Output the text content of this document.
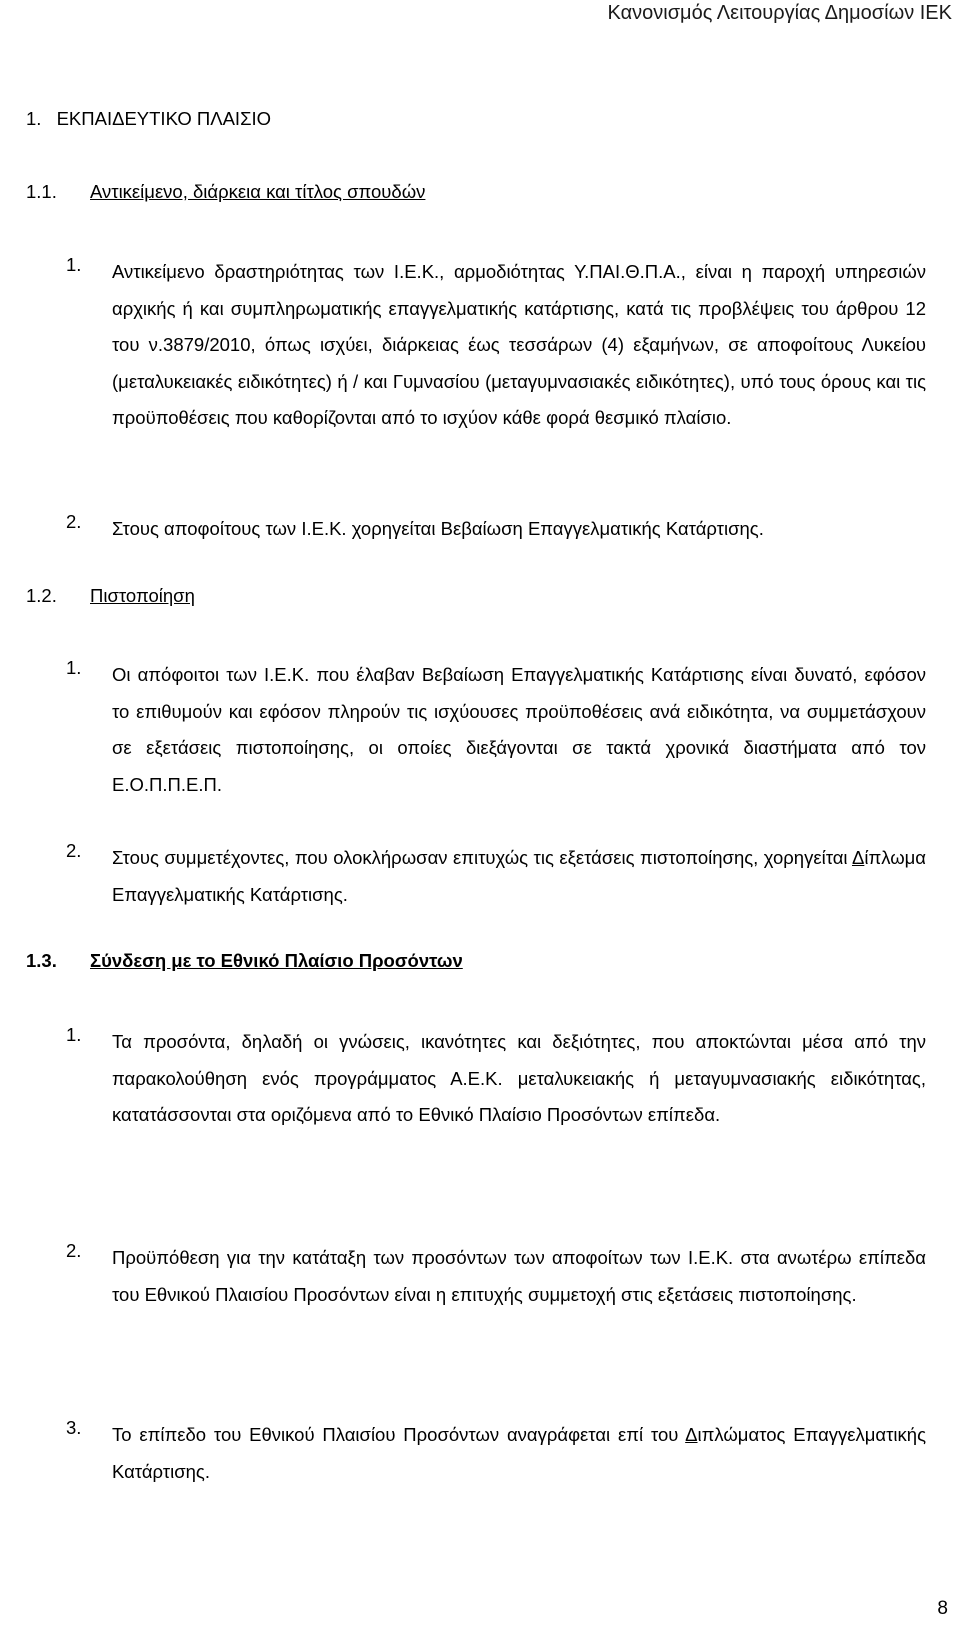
Κανονισμός Λειτουργίας Δημοσίων ΙΕΚ
1. ΕΚΠΑΙΔΕΥΤΙΚΟ ΠΛΑΙΣΙΟ
1.1. Αντικείμενο, διάρκεια και τίτλος σπουδών
1. Αντικείμενο δραστηριότητας των Ι.Ε.Κ., αρμοδιότητας Υ.ΠΑΙ.Θ.Π.Α., είναι η παροχή υπηρεσιών αρχικής ή και συμπληρωματικής επαγγελματικής κατάρτισης, κατά τις προβλέψεις του άρθρου 12 του ν.3879/2010, όπως ισχύει, διάρκειας έως τεσσάρων (4) εξαμήνων, σε αποφοίτους Λυκείου (μεταλυκειακές ειδικότητες) ή / και Γυμνασίου (μεταγυμνασιακές ειδικότητες), υπό τους όρους και τις προϋποθέσεις που καθορίζονται από το ισχύον κάθε φορά θεσμικό πλαίσιο.
2. Στους αποφοίτους των Ι.Ε.Κ. χορηγείται Βεβαίωση Επαγγελματικής Κατάρτισης.
1.2. Πιστοποίηση
1. Οι απόφοιτοι των Ι.Ε.Κ. που έλαβαν Βεβαίωση Επαγγελματικής Κατάρτισης είναι δυνατό, εφόσον το επιθυμούν και εφόσον πληρούν τις ισχύουσες προϋποθέσεις ανά ειδικότητα, να συμμετάσχουν σε εξετάσεις πιστοποίησης, οι οποίες διεξάγονται σε τακτά χρονικά διαστήματα από τον Ε.Ο.Π.Π.Ε.Π.
2. Στους συμμετέχοντες, που ολοκλήρωσαν επιτυχώς τις εξετάσεις πιστοποίησης, χορηγείται Δίπλωμα Επαγγελματικής Κατάρτισης.
1.3. Σύνδεση με το Εθνικό Πλαίσιο Προσόντων
1. Τα προσόντα, δηλαδή οι γνώσεις, ικανότητες και δεξιότητες, που αποκτώνται μέσα από την παρακολούθηση ενός προγράμματος Α.Ε.Κ. μεταλυκειακής ή μεταγυμνασιακής ειδικότητας, κατατάσσονται στα οριζόμενα από το Εθνικό Πλαίσιο Προσόντων επίπεδα.
2. Προϋπόθεση για την κατάταξη των προσόντων των αποφοίτων των Ι.Ε.Κ. στα ανωτέρω επίπεδα του Εθνικού Πλαισίου Προσόντων είναι η επιτυχής συμμετοχή στις εξετάσεις πιστοποίησης.
3. Το επίπεδο του Εθνικού Πλαισίου Προσόντων αναγράφεται επί του Διπλώματος Επαγγελματικής Κατάρτισης.
8
